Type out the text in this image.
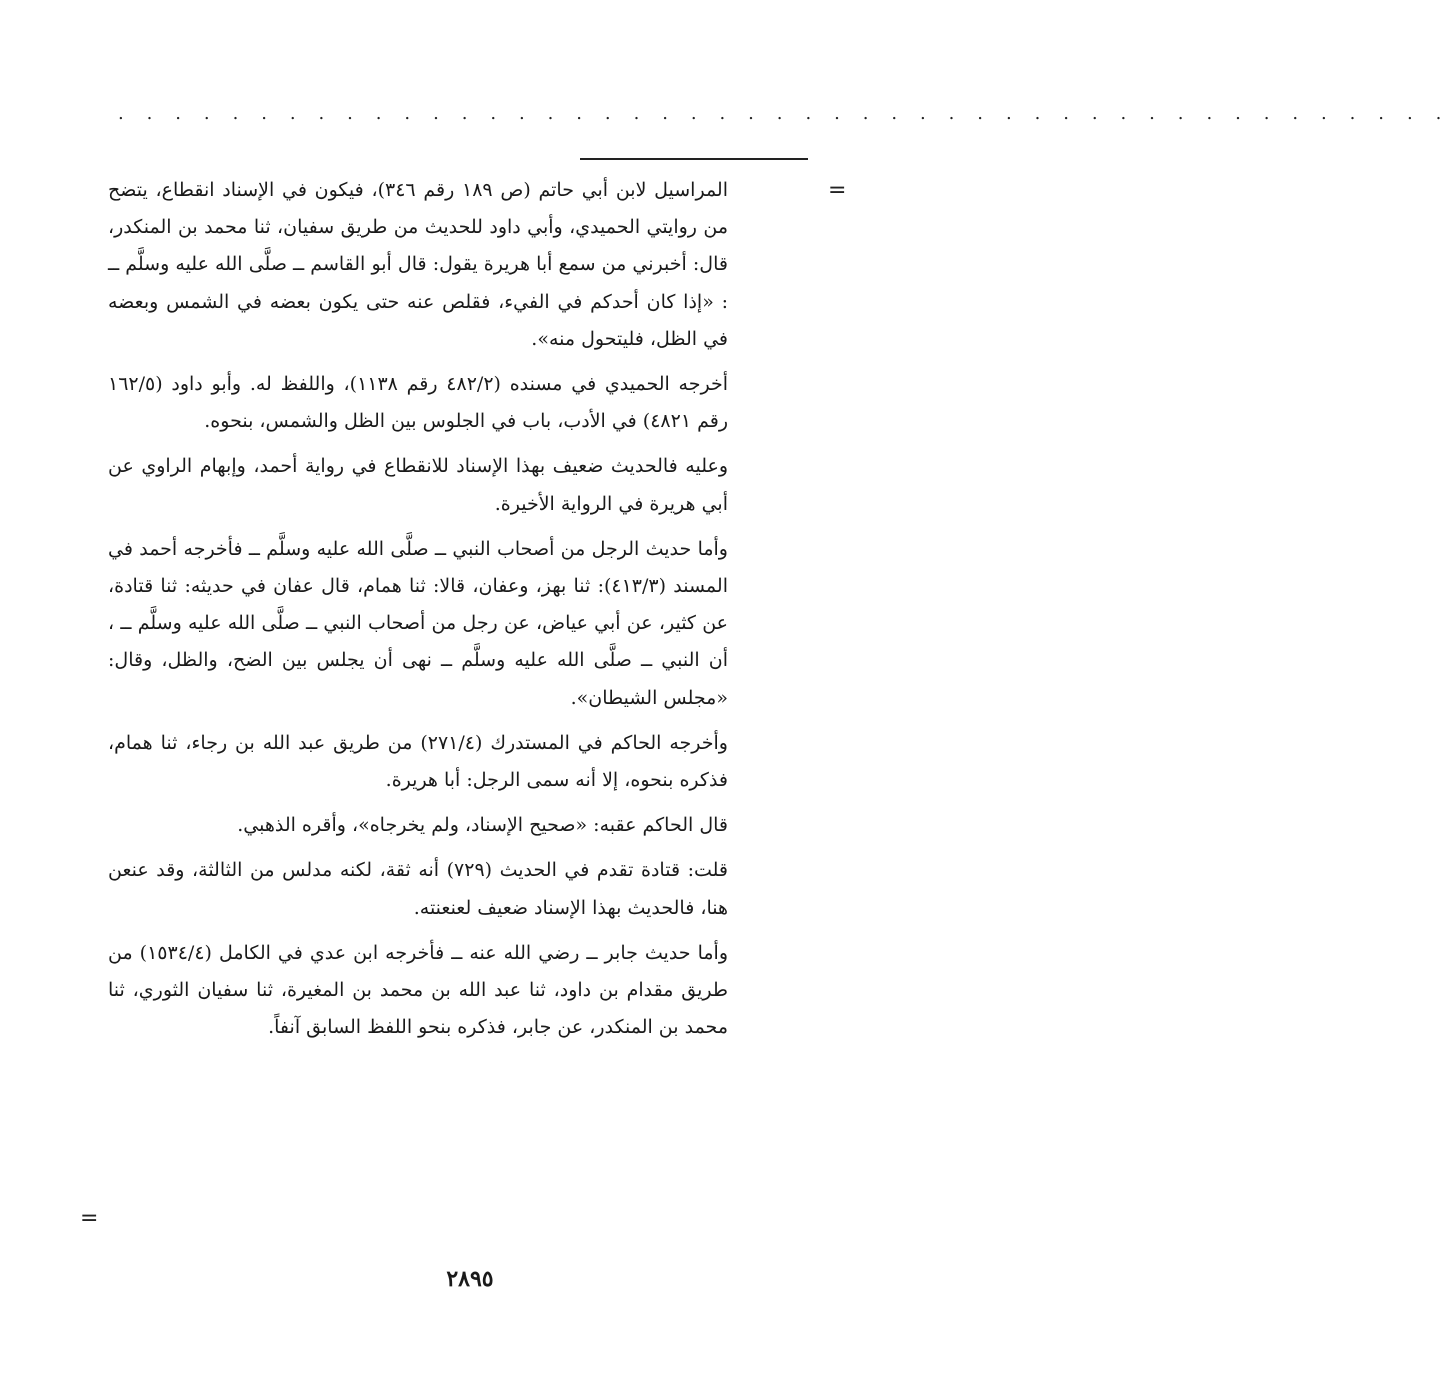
. . . . . . . . . . . . . . . . . . . . . . . . . . . . . . . . . . . . . . . . . . . . . . .
=

المراسيل لابن أبي حاتم (ص ١٨٩ رقم ٣٤٦)، فيكون في الإسناد انقطاع، يتضح من روايتي الحميدي، وأبي داود للحديث من طريق سفيان، ثنا محمد بن المنكدر، قال: أخبرني من سمع أبا هريرة يقول: قال أبو القاسم ــ صلَّى الله عليه وسلَّم ــ : «إذا كان أحدكم في الفيء، فقلص عنه حتى يكون بعضه في الشمس وبعضه في الظل، فليتحول منه».

أخرجه الحميدي في مسنده (٤٨٢/٢ رقم ١١٣٨)، واللفظ له. وأبو داود (١٦٢/٥ رقم ٤٨٢١) في الأدب، باب في الجلوس بين الظل والشمس، بنحوه.

وعليه فالحديث ضعيف بهذا الإسناد للانقطاع في رواية أحمد، وإبهام الراوي عن أبي هريرة في الرواية الأخيرة.

وأما حديث الرجل من أصحاب النبي ــ صلَّى الله عليه وسلَّم ــ فأخرجه أحمد في المسند (٤١٣/٣): ثنا بهز، وعفان، قالا: ثنا همام، قال عفان في حديثه: ثنا قتادة، عن كثير، عن أبي عياض، عن رجل من أصحاب النبي ــ صلَّى الله عليه وسلَّم ــ ، أن النبي ــ صلَّى الله عليه وسلَّم ــ نهى أن يجلس بين الضح، والظل، وقال: «مجلس الشيطان».

وأخرجه الحاكم في المستدرك (٢٧١/٤) من طريق عبد الله بن رجاء، ثنا همام، فذكره بنحوه، إلا أنه سمى الرجل: أبا هريرة.

قال الحاكم عقبه: «صحيح الإسناد، ولم يخرجاه»، وأقره الذهبي.

قلت: قتادة تقدم في الحديث (٧٢٩) أنه ثقة، لكنه مدلس من الثالثة، وقد عنعن هنا، فالحديث بهذا الإسناد ضعيف لعنعنته.

وأما حديث جابر ــ رضي الله عنه ــ فأخرجه ابن عدي في الكامل (١٥٣٤/٤) من طريق مقدام بن داود، ثنا عبد الله بن محمد بن المغيرة، ثنا سفيان الثوري، ثنا محمد بن المنكدر، عن جابر، فذكره بنحو اللفظ السابق آنفاً.

=
٢٨٩٥
